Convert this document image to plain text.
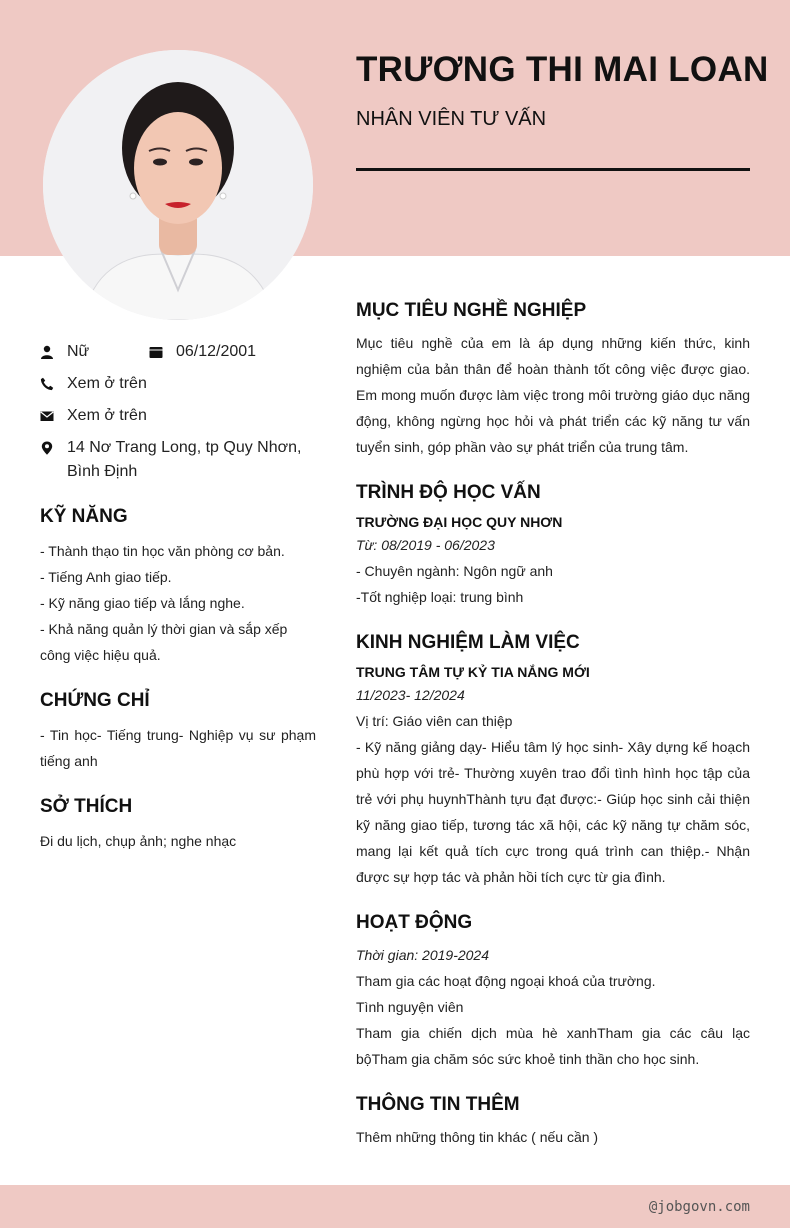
TRƯƠNG THI MAI LOAN
NHÂN VIÊN TƯ VẤN
Nữ	06/12/2001
Xem ở trên
Xem ở trên
14 Nơ Trang Long, tp Quy Nhơn,
Bình Định
KỸ NĂNG
- Thành thạo tin học văn phòng cơ bản.
- Tiếng Anh giao tiếp.
- Kỹ năng giao tiếp và lắng nghe.
- Khả năng quản lý thời gian và sắp xếp công việc hiệu quả.
CHỨNG CHỈ
- Tin học- Tiếng trung- Nghiệp vụ sư phạm tiếng anh
SỞ THÍCH
Đi du lịch, chụp ảnh; nghe nhạc
MỤC TIÊU NGHỀ NGHIỆP
Mục tiêu nghề của em là áp dụng những kiến thức, kinh nghiệm của bản thân để hoàn thành tốt công việc được giao. Em mong muốn được làm việc trong môi trường giáo dục năng động, không ngừng học hỏi và phát triển các kỹ năng tư vấn tuyển sinh, góp phần vào sự phát triển của trung tâm.
TRÌNH ĐỘ HỌC VẤN
TRƯỜNG ĐẠI HỌC QUY NHƠN
Từ: 08/2019 - 06/2023
- Chuyên ngành: Ngôn ngữ anh
-Tốt nghiệp loại: trung bình
KINH NGHIỆM LÀM VIỆC
TRUNG TÂM TỰ KỶ TIA NẮNG MỚI
11/2023- 12/2024
Vị trí: Giáo viên can thiệp
- Kỹ năng giảng dạy- Hiểu tâm lý học sinh- Xây dựng kế hoạch phù hợp với trẻ- Thường xuyên trao đổi tình hình học tập của trẻ với phụ huynhThành tựu đạt được:- Giúp học sinh cải thiện kỹ năng giao tiếp, tương tác xã hội, các kỹ năng tự chăm sóc, mang lại kết quả tích cực trong quá trình can thiệp.- Nhận được sự hợp tác và phản hồi tích cực từ gia đình.
HOẠT ĐỘNG
Thời gian: 2019-2024
Tham gia các hoạt động ngoại khoá của trường.
Tình nguyện viên
Tham gia chiến dịch mùa hè xanhTham gia các câu lạc bộTham gia chăm sóc sức khoẻ tinh thần cho học sinh.
THÔNG TIN THÊM
Thêm những thông tin khác ( nếu cần )
@jobgovn.com
